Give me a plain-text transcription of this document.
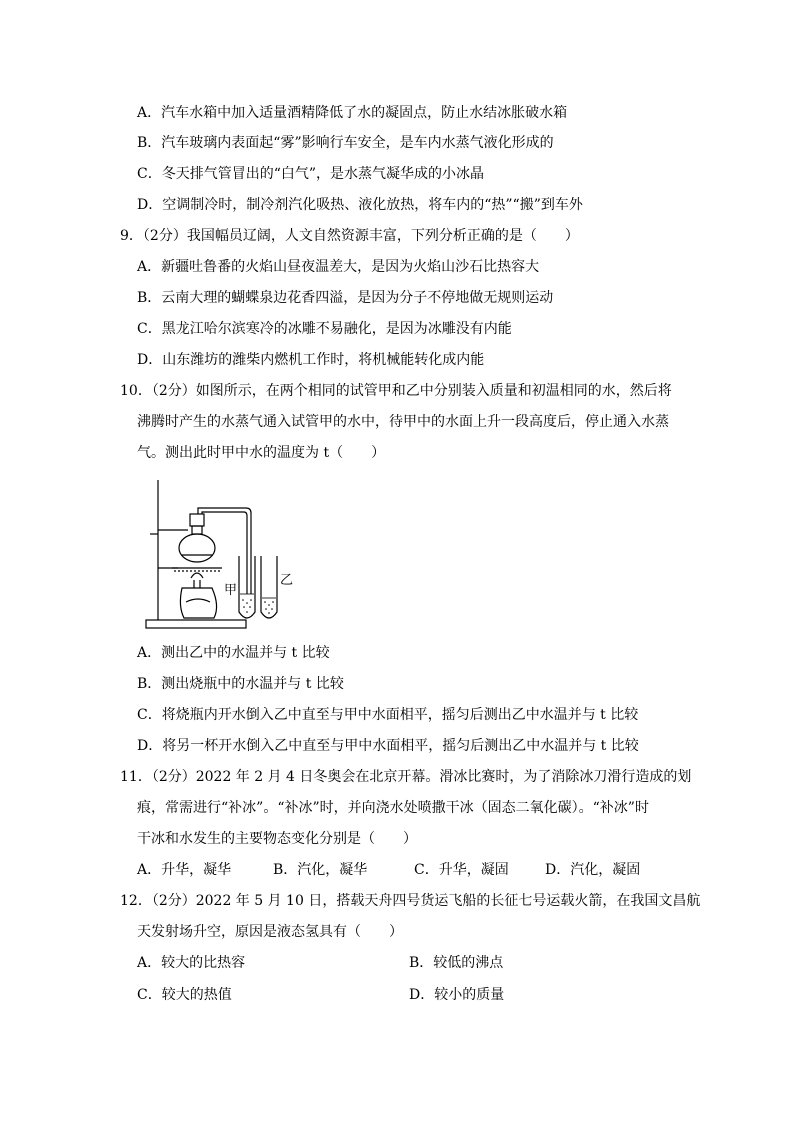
A．汽车水箱中加入适量酒精降低了水的凝固点，防止水结冰胀破水箱
B．汽车玻璃内表面起“雾”影响行车安全，是车内水蒸气液化形成的
C．冬天排气管冒出的“白气”，是水蒸气凝华成的小冰晶
D．空调制冷时，制冷剂汽化吸热、液化放热，将车内的“热”“搬”到车外
9．（2分）我国幅员辽阔，人文自然资源丰富，下列分析正确的是（　　）
A．新疆吐鲁番的火焰山昼夜温差大，是因为火焰山沙石比热容大
B．云南大理的蝴蝶泉边花香四溢，是因为分子不停地做无规则运动
C．黑龙江哈尔滨寒冷的冰雕不易融化，是因为冰雕没有内能
D．山东潍坊的潍柴内燃机工作时，将机械能转化成内能
10．（2分）如图所示，在两个相同的试管甲和乙中分别装入质量和初温相同的水，然后将
沸腾时产生的水蒸气通入试管甲的水中，待甲中的水面上升一段高度后，停止通入水蒸
气。测出此时甲中水的温度为 t（　　）
甲
乙
A．测出乙中的水温并与 t 比较
B．测出烧瓶中的水温并与 t 比较
C．将烧瓶内开水倒入乙中直至与甲中水面相平，摇匀后测出乙中水温并与 t 比较
D．将另一杯开水倒入乙中直至与甲中水面相平，摇匀后测出乙中水温并与 t 比较
11．（2分）2022 年 2 月 4 日冬奥会在北京开幕。滑冰比赛时，为了消除冰刀滑行造成的划
痕，常需进行“补冰”。“补冰”时，并向浇水处喷撒干冰（固态二氧化碳）。“补冰”时
干冰和水发生的主要物态变化分别是（　　）
A．升华，凝华	B．汽化，凝华	C．升华，凝固	D．汽化，凝固
12．（2分）2022 年 5 月 10 日，搭载天舟四号货运飞船的长征七号运载火箭，在我国文昌航
天发射场升空，原因是液态氢具有（　　）
A．较大的比热容	B．较低的沸点
C．较大的热值	D．较小的质量
